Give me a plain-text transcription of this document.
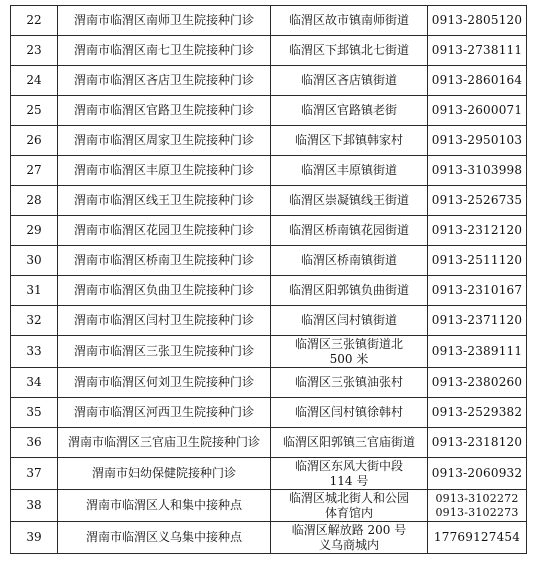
22	渭南市临渭区南师卫生院接种门诊	临渭区故市镇南师街道	0913-2805120

23	渭南市临渭区南七卫生院接种门诊	临渭区下邽镇北七街道	0913-2738111

24	渭南市临渭区吝店卫生院接种门诊	临渭区吝店镇街道	0913-2860164

25	渭南市临渭区官路卫生院接种门诊	临渭区官路镇老街	0913-2600071

26	渭南市临渭区周家卫生院接种门诊	临渭区下邽镇韩家村	0913-2950103

27	渭南市临渭区丰原卫生院接种门诊	临渭区丰原镇街道	0913-3103998

28	渭南市临渭区线王卫生院接种门诊	临渭区崇凝镇线王街道	0913-2526735

29	渭南市临渭区花园卫生院接种门诊	临渭区桥南镇花园街道	0913-2312120

30	渭南市临渭区桥南卫生院接种门诊	临渭区桥南镇街道	0913-2511120

31	渭南市临渭区负曲卫生院接种门诊	临渭区阳郭镇负曲街道	0913-2310167

32	渭南市临渭区闫村卫生院接种门诊	临渭区闫村镇街道	0913-2371120

33	渭南市临渭区三张卫生院接种门诊	临渭区三张镇街道北
500 米	0913-2389111

34	渭南市临渭区何刘卫生院接种门诊	临渭区三张镇油张村	0913-2380260

35	渭南市临渭区河西卫生院接种门诊	临渭区闫村镇徐韩村	0913-2529382

36	渭南市临渭区三官庙卫生院接种门诊	临渭区阳郭镇三官庙街道	0913-2318120

37	渭南市妇幼保健院接种门诊	临渭区东风大街中段
114 号	0913-2060932

38	渭南市临渭区人和集中接种点	临渭区城北街人和公园
体育馆内	0913-3102272
0913-3102273

39	渭南市临渭区义乌集中接种点	临渭区解放路 200 号
义乌商城内	17769127454
